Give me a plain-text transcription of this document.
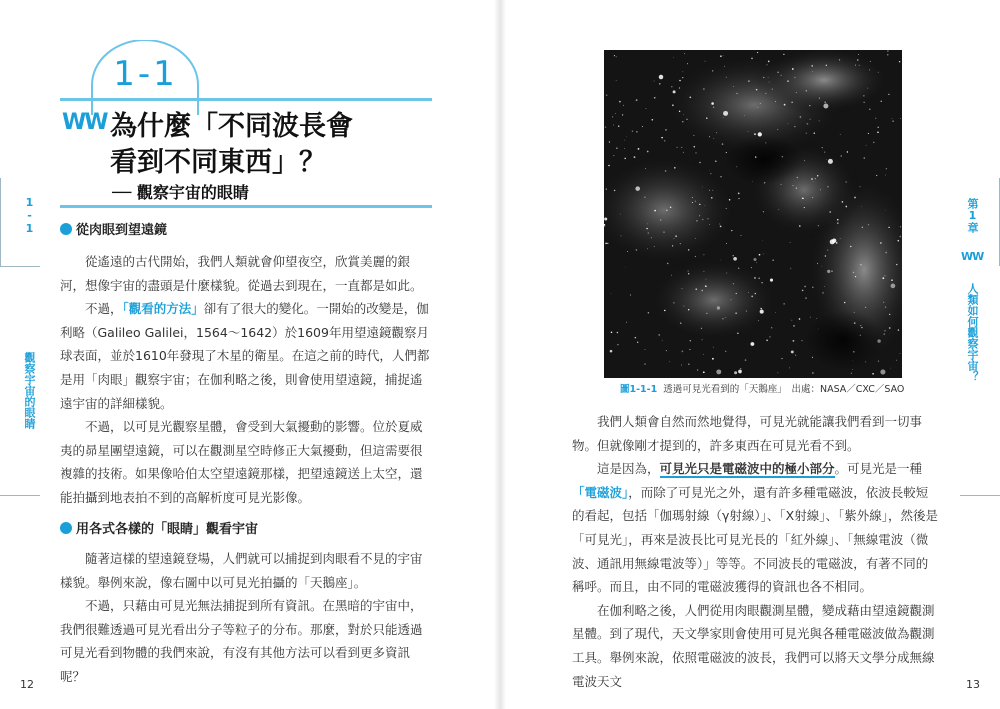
1-1
WW 為什麼「不同波長會
看到不同東西」？
── 觀察宇宙的眼睛
1-1
觀察宇宙的眼睛
從肉眼到望遠鏡

從遙遠的古代開始，我們人類就會仰望夜空，欣賞美麗的銀河，想像宇宙的盡頭是什麼樣貌。從過去到現在，一直都是如此。

不過，「觀看的方法」卻有了很大的變化。一開始的改變是，伽利略（Galileo Galilei，1564～1642）於1609年用望遠鏡觀察月球表面，並於1610年發現了木星的衛星。在這之前的時代，人們都是用「肉眼」觀察宇宙；在伽利略之後，則會使用望遠鏡，捕捉遙遠宇宙的詳細樣貌。

不過，以可見光觀察星體，會受到大氣擾動的影響。位於夏威夷的昴星團望遠鏡，可以在觀測星空時修正大氣擾動，但這需要很複雜的技術。如果像哈伯太空望遠鏡那樣，把望遠鏡送上太空，還能拍攝到地表拍不到的高解析度可見光影像。

用各式各樣的「眼睛」觀看宇宙

隨著這樣的望遠鏡登場，人們就可以捕捉到肉眼看不見的宇宙樣貌。舉例來說，像右圖中以可見光拍攝的「天鵝座」。

不過，只藉由可見光無法捕捉到所有資訊。在黑暗的宇宙中，我們很難透過可見光看出分子等粒子的分布。那麼，對於只能透過可見光看到物體的我們來說，有沒有其他方法可以看到更多資訊呢？

12
圖1-1-1 透過可見光看到的「天鵝座」　出處：NASA／CXC／SAO

我們人類會自然而然地覺得，可見光就能讓我們看到一切事物。但就像剛才提到的，許多東西在可見光看不到。

這是因為，可見光只是電磁波中的極小部分。可見光是一種「電磁波」，而除了可見光之外，還有許多種電磁波，依波長較短的看起，包括「伽瑪射線（γ射線）」、「X射線」、「紫外線」，然後是「可見光」，再來是波長比可見光長的「紅外線」、「無線電波（微波、通訊用無線電波等）」等等。不同波長的電磁波，有著不同的稱呼。而且，由不同的電磁波獲得的資訊也各不相同。

在伽利略之後，人們從用肉眼觀測星體，變成藉由望遠鏡觀測星體。到了現代，天文學家則會使用可見光與各種電磁波做為觀測工具。舉例來說，依照電磁波的波長，我們可以將天文學分成無線電波天文

第1章
WW
人類如何觀察宇宙？
13
